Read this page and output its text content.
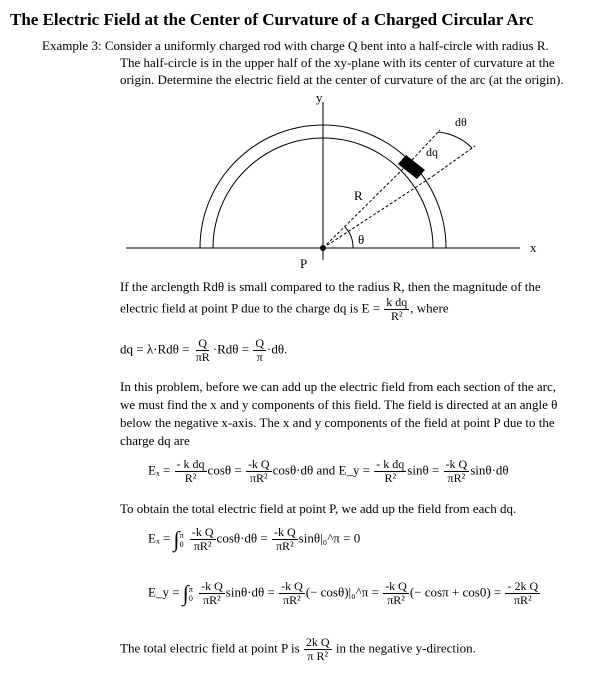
The Electric Field at the Center of Curvature of a Charged Circular Arc
Example 3: Consider a uniformly charged rod with charge Q bent into a half-circle with radius R.
The half-circle is in the upper half of the xy-plane with its center of curvature at the
origin. Determine the electric field at the center of curvature of the arc (at the origin).
y
x
P
R
θ
dθ
dq
If the arclength Rdθ is small compared to the radius R, then the magnitude of the
electric field at point P due to the charge dq is $E = \frac{\text{k dq}}{\text{R²}}$ , where
dq = $\lambda\cdot Rd\theta = \frac{Q}{\pi R} \cdot Rd\theta = \frac{Q}{\pi} \cdot d\theta$.
In this problem, before we can add up the electric field from each section of the arc,
we must find the x and y components of this field. The field is directed at an angle θ
below the negative x-axis. The x and y components of the field at point P due to the
charge dq are
$E_x = \frac{\text{- k dq}}{\text{R²}}$ $\cos\theta = \frac{\text{-k Q}}{\text{πR²}} \cos\theta\cdot d\theta$ and E_y = $\frac{\text{- k dq}}{\text{R²}}$ $\sin\theta = \frac{\text{-k Q}}{\text{πR²}} \sin\theta\cdot d\theta$
To obtain the total electric field at point P, we add up the field from each dq.
Eₓ = ∫ π
0
$\frac{\text{-k Q}}{\text{πR²}} \cos\theta\cdot d\theta = \frac{\text{-k Q}}{\text{πR²}}$ sinθ|₀^π = 0
E_y = ∫ π
0
$\frac{\text{-k Q}}{\text{πR²}} \sin\theta\cdot d\theta = \frac{\text{-k Q}}{\text{πR²}}$ (− cosθ)|₀^π = $\frac{\text{-k Q}}{\text{πR²}}$ (− $\cos\pi + \cos 0) = \frac{\text{- 2k Q}}{\text{πR²}}$
The total electric field at point P is $\frac{\text{2k Q}}{\text{π R²}}$ in the negative y-direction.
